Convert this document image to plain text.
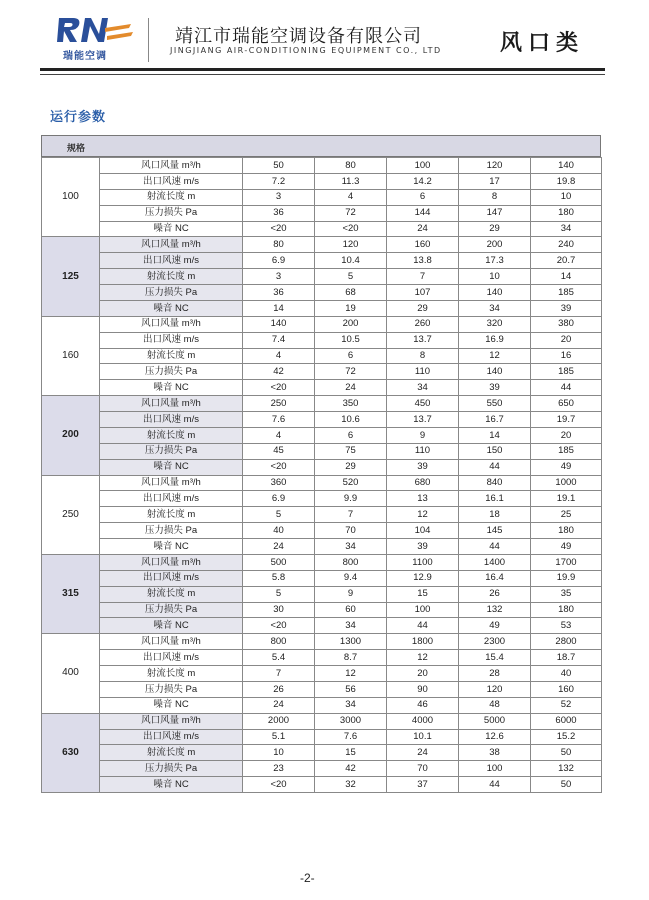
瑞能空调
靖江市瑞能空调设备有限公司
JINGJIANG AIR-CONDITIONING EQUIPMENT CO., LTD	风口类
运行参数
规格
100	风口风量 m³/h	50	80	100	120	140
	出口风速 m/s	7.2	11.3	14.2	17	19.8
	射流长度 m	3	4	6	8	10
	压力损失 Pa	36	72	144	147	180
	噪音 NC	<20	<20	24	29	34
125	风口风量 m³/h	80	120	160	200	240
	出口风速 m/s	6.9	10.4	13.8	17.3	20.7
	射流长度 m	3	5	7	10	14
	压力损失 Pa	36	68	107	140	185
	噪音 NC	14	19	29	34	39
160	风口风量 m³/h	140	200	260	320	380
	出口风速 m/s	7.4	10.5	13.7	16.9	20
	射流长度 m	4	6	8	12	16
	压力损失 Pa	42	72	110	140	185
	噪音 NC	<20	24	34	39	44
200	风口风量 m³/h	250	350	450	550	650
	出口风速 m/s	7.6	10.6	13.7	16.7	19.7
	射流长度 m	4	6	9	14	20
	压力损失 Pa	45	75	110	150	185
	噪音 NC	<20	29	39	44	49
250	风口风量 m³/h	360	520	680	840	1000
	出口风速 m/s	6.9	9.9	13	16.1	19.1
	射流长度 m	5	7	12	18	25
	压力损失 Pa	40	70	104	145	180
	噪音 NC	24	34	39	44	49
315	风口风量 m³/h	500	800	1100	1400	1700
	出口风速 m/s	5.8	9.4	12.9	16.4	19.9
	射流长度 m	5	9	15	26	35
	压力损失 Pa	30	60	100	132	180
	噪音 NC	<20	34	44	49	53
400	风口风量 m³/h	800	1300	1800	2300	2800
	出口风速 m/s	5.4	8.7	12	15.4	18.7
	射流长度 m	7	12	20	28	40
	压力损失 Pa	26	56	90	120	160
	噪音 NC	24	34	46	48	52
630	风口风量 m³/h	2000	3000	4000	5000	6000
	出口风速 m/s	5.1	7.6	10.1	12.6	15.2
	射流长度 m	10	15	24	38	50
	压力损失 Pa	23	42	70	100	132
	噪音 NC	<20	32	37	44	50
-2-
